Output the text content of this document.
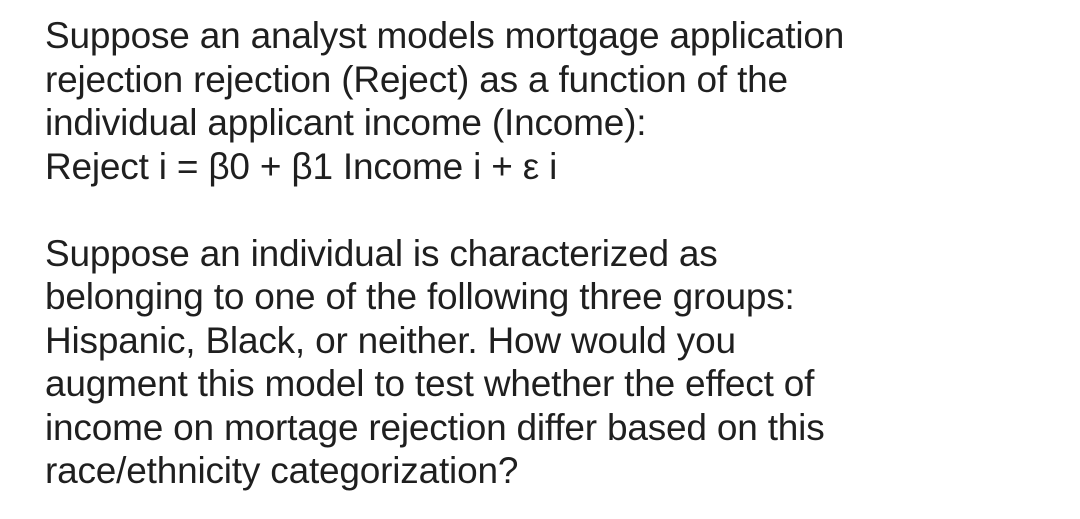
Suppose an analyst models mortgage application
rejection rejection (Reject) as a function of the
individual applicant income (Income):
Reject i = β0 + β1 Income i + ε i
Suppose an individual is characterized as
belonging to one of the following three groups:
Hispanic, Black, or neither. How would you
augment this model to test whether the effect of
income on mortage rejection differ based on this
race/ethnicity categorization?
